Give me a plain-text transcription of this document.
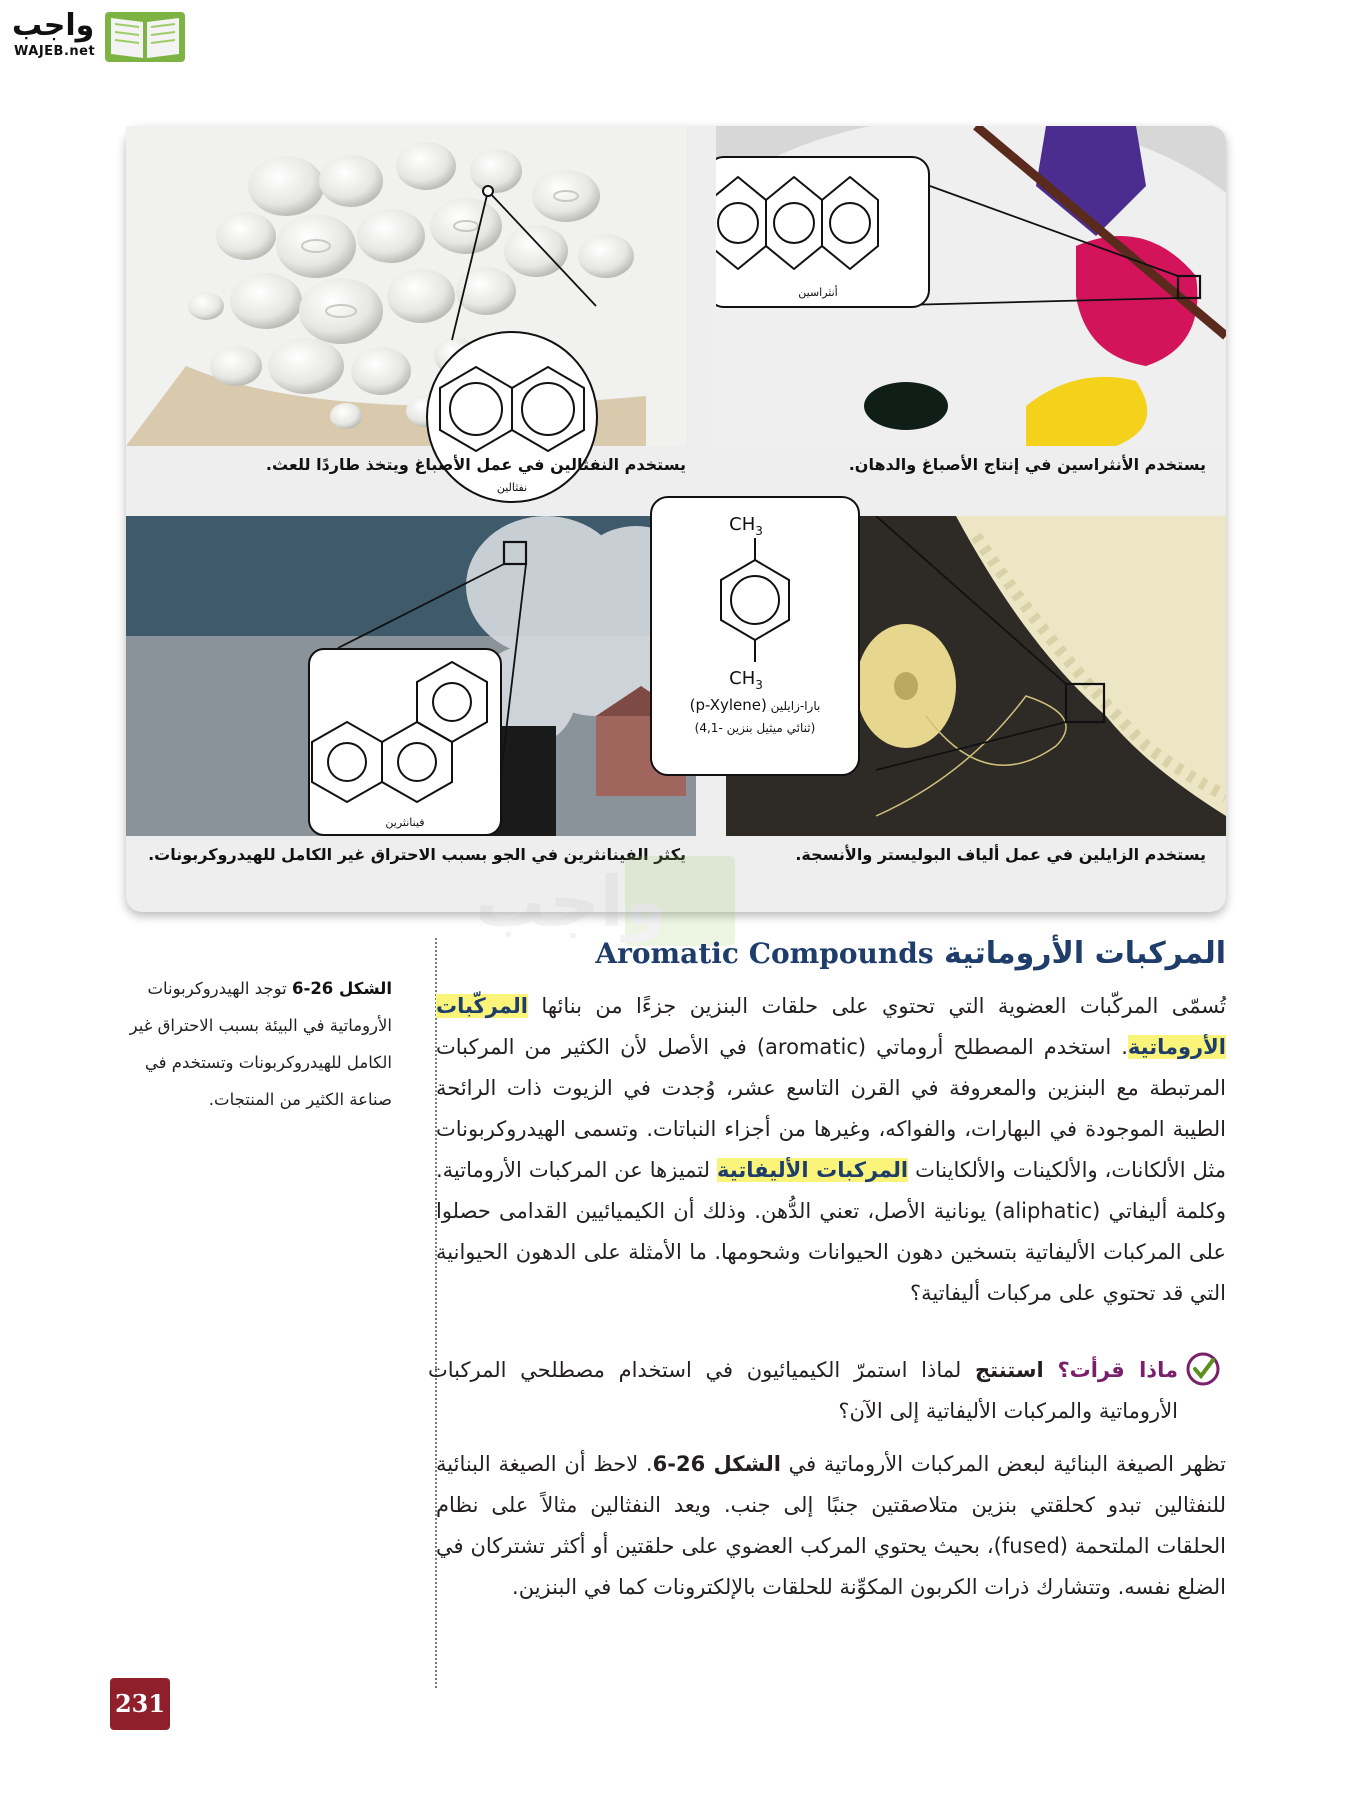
واجب
WAJEB.net
نفثالين
يستخدم النفثالين في عمل الأصباغ ويتخذ طاردًا للعث.
أنثراسين
يستخدم الأنثراسين في إنتاج الأصباغ والدهان.
فينانثرين
يكثر الفينانثرين في الجو بسبب الاحتراق غير الكامل للهيدروكربونات.
$CH_3$
$CH_3$
(p-Xylene) بارا-زايلين
(4,1- ثنائي ميثيل بنزين)
يستخدم الزايلين في عمل ألياف البوليستر والأنسجة.
الشكل 26-6 توجد الهيدروكربونات الأروماتية في البيئة بسبب الاحتراق غير الكامل للهيدروكربونات وتستخدم في صناعة الكثير من المنتجات.
المركبات الأروماتية Aromatic Compounds
تُسمّى المركّبات العضوية التي تحتوي على حلقات البنزين جزءًا من بنائها المركّبات الأروماتية. استخدم المصطلح أروماتي (aromatic) في الأصل لأن الكثير من المركبات المرتبطة مع البنزين والمعروفة في القرن التاسع عشر، وُجدت في الزيوت ذات الرائحة الطيبة الموجودة في البهارات، والفواكه، وغيرها من أجزاء النباتات. وتسمى الهيدروكربونات مثل الألكانات، والألكينات والألكاينات المركبات الأليفاتية لتميزها عن المركبات الأروماتية. وكلمة أليفاتي (aliphatic) يونانية الأصل، تعني الدُّهن. وذلك أن الكيميائيين القدامى حصلوا على المركبات الأليفاتية بتسخين دهون الحيوانات وشحومها. ما الأمثلة على الدهون الحيوانية التي قد تحتوي على مركبات أليفاتية؟
ماذا قرأت؟ استنتج لماذا استمرّ الكيميائيون في استخدام مصطلحي المركبات الأروماتية والمركبات الأليفاتية إلى الآن؟
تظهر الصيغة البنائية لبعض المركبات الأروماتية في الشكل 26-6. لاحظ أن الصيغة البنائية للنفثالين تبدو كحلقتي بنزين متلاصقتين جنبًا إلى جنب. ويعد النفثالين مثالاً على نظام الحلقات الملتحمة (fused)، بحيث يحتوي المركب العضوي على حلقتين أو أكثر تشتركان في الضلع نفسه. وتتشارك ذرات الكربون المكوِّنة للحلقات بالإلكترونات كما في البنزين.
231
